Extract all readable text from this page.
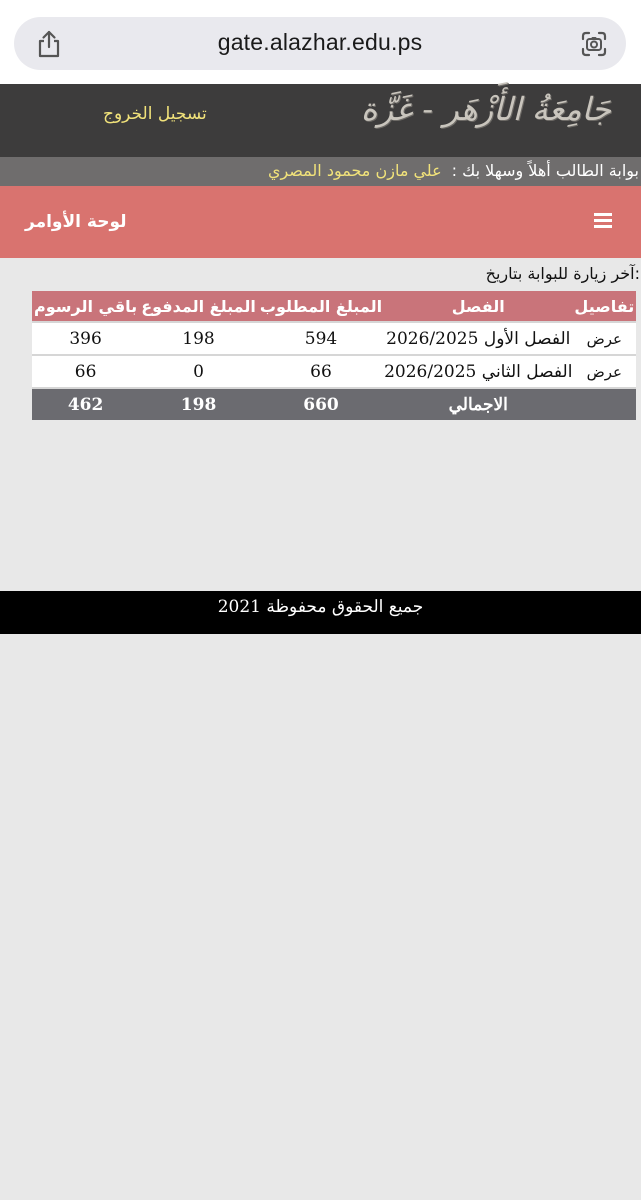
gate.alazhar.edu.ps
جَامِعَةُ الأَزْهَر - غَزَّة
تسجيل الخروج
بوابة الطالب أهلاً وسهلا بك :علي مازن محمود المصري
لوحة الأوامر
:آخر زيارة للبوابة بتاريخ
تفاصيل	الفصل	المبلغ المطلوب	المبلغ المدفوع	باقي الرسوم
عرض	الفصل الأول 2026/2025	594	198	396
عرض	الفصل الثاني 2026/2025	66	0	66
	الاجمالي	660	198	462
جميع الحقوق محفوظة 2021
